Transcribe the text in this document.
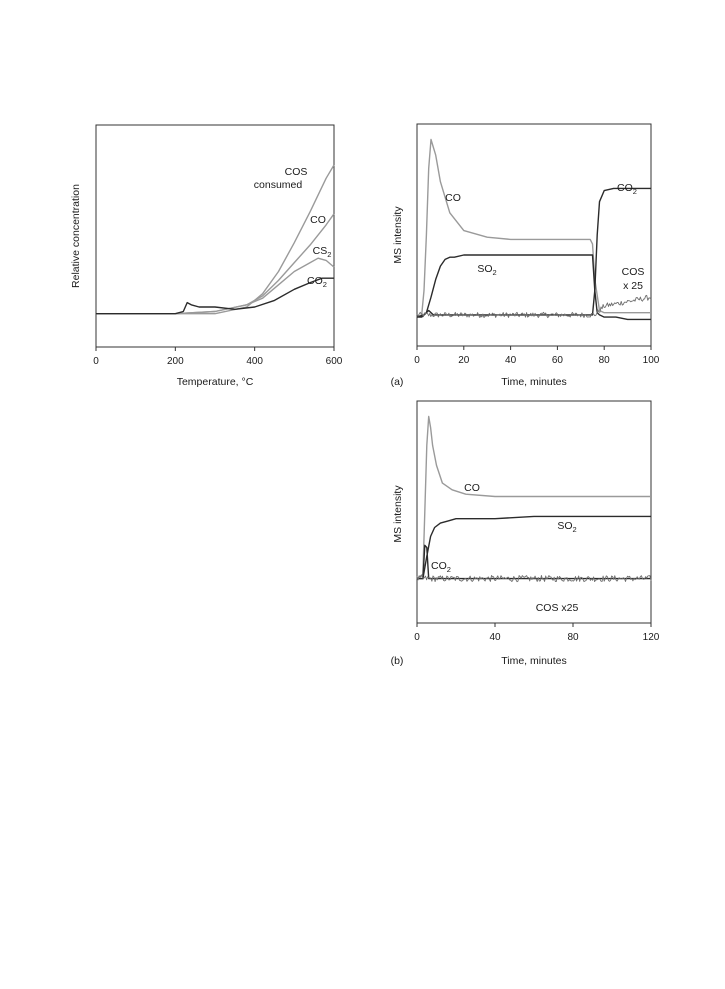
0	200	400	600
Temperature, °C
Relative concentration
COS
consumed
CO
$CS_2$
$CO_2$
0	20	40	60	80	100
Time, minutes
MS intensity
(a)
CO
$CO_2$
$SO_2$	COS
x 25
0	40	80	120
Time, minutes
MS intensity
(b)
CO
$SO_2$
$CO_2$
COS x25
